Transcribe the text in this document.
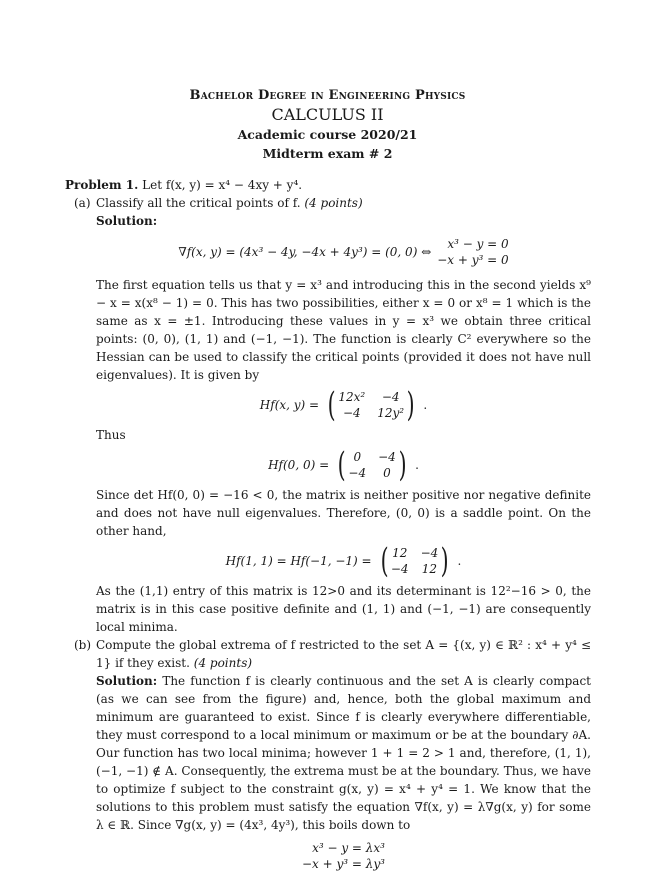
Bachelor Degree in Engineering Physics
CALCULUS II
Academic course 2020/21
Midterm exam # 2

Problem 1. Let f(x, y) = x⁴ − 4xy + y⁴.

(a) Classify all the critical points of f. (4 points)

Solution:

∇f(x, y) = (4x³ − 4y, −4x + 4y³) = (0, 0) ⇔
x³ − y = 0
−x + y³ = 0

The first equation tells us that y = x³ and introducing this in the second yields x⁹ − x = x(x⁸ − 1) = 0. This has two possibilities, either x = 0 or x⁸ = 1 which is the same as x = ±1. Introducing these values in y = x³ we obtain three critical points: (0, 0), (1, 1) and (−1, −1). The function is clearly C² everywhere so the Hessian can be used to classify the critical points (provided it does not have null eigenvalues). It is given by

Hf(x, y) = ( 12x²	−4
−4	12y² ) .

Thus

Hf(0, 0) = ( 0	−4
−4	0 ) .

Since det Hf(0, 0) = −16 < 0, the matrix is neither positive nor negative definite and does not have null eigenvalues. Therefore, (0, 0) is a saddle point. On the other hand,

Hf(1, 1) = Hf(−1, −1) = ( 12 −4
−4 12 ) .

As the (1,1) entry of this matrix is 12>0 and its determinant is 12²−16 > 0, the matrix is in this case positive definite and (1, 1) and (−1, −1) are consequently local minima.

(b) Compute the global extrema of f restricted to the set A = {(x, y) ∈ ℝ² : x⁴ + y⁴ ≤ 1} if they exist. (4 points)

Solution: The function f is clearly continuous and the set A is clearly compact (as we can see from the figure) and, hence, both the global maximum and minimum are guaranteed to exist. Since f is clearly everywhere differentiable, they must correspond to a local minimum or maximum or be at the boundary ∂A. Our function has two local minima; however 1 + 1 = 2 > 1 and, therefore, (1, 1), (−1, −1) ∉ A. Consequently, the extrema must be at the boundary. Thus, we have to optimize f subject to the constraint g(x, y) = x⁴ + y⁴ = 1. We know that the solutions to this problem must satisfy the equation ∇f(x, y) = λ∇g(x, y) for some λ ∈ ℝ. Since ∇g(x, y) = (4x³, 4y³), this boils down to

x³ − y = λx³
−x + y³ = λy³
